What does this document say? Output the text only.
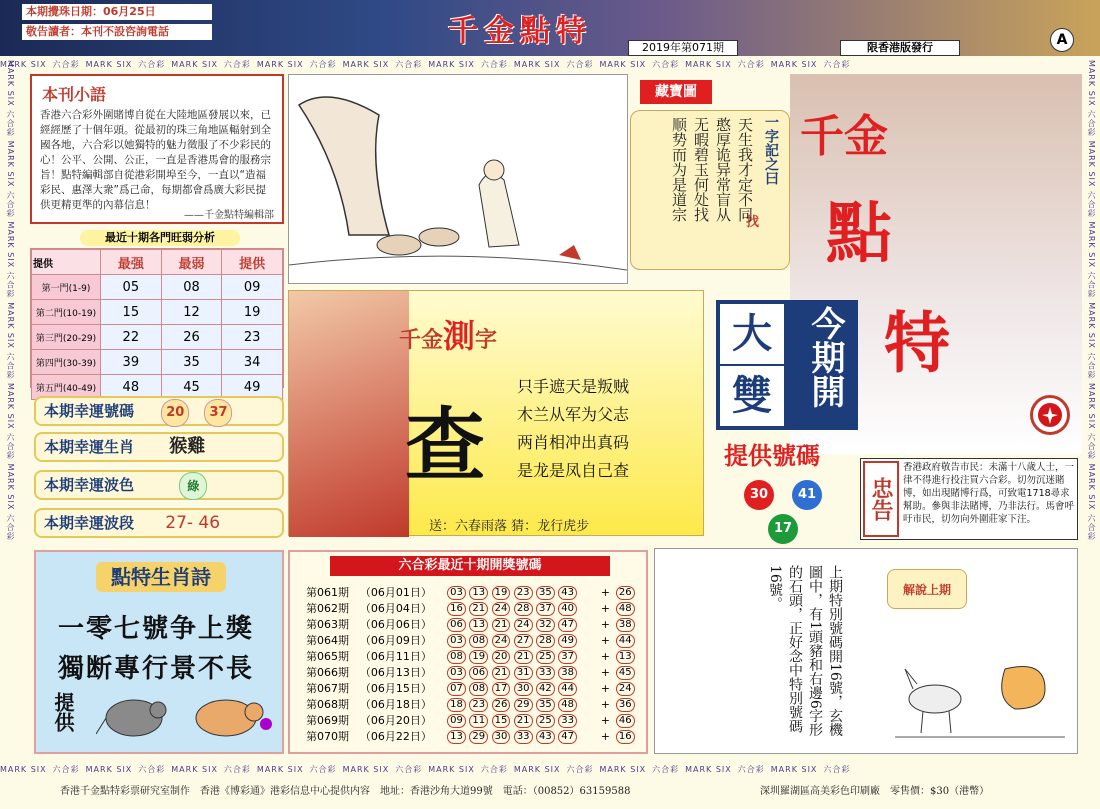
本期攪珠日期：06月25日
敬告讀者：本刊不設咨詢電話	千金點特	2019年第071期	限香港版發行	A
MARK SIX 六合彩 MARK SIX 六合彩 MARK SIX 六合彩 MARK SIX 六合彩 MARK SIX 六合彩 MARK SIX 六合彩 MARK SIX 六合彩 MARK SIX 六合彩 MARK SIX 六合彩 MARK SIX 六合彩
MARK SIX 六合彩 MARK SIX 六合彩 MARK SIX 六合彩 MARK SIX 六合彩 MARK SIX 六合彩 MARK SIX 六合彩 MARK SIX 六合彩 MARK SIX 六合彩 MARK SIX 六合彩 MARK SIX 六合彩
MARK SIX 六合彩 MARK SIX 六合彩 MARK SIX 六合彩 MARK SIX 六合彩 MARK SIX 六合彩 MARK SIX 六合彩
MARK SIX 六合彩 MARK SIX 六合彩 MARK SIX 六合彩 MARK SIX 六合彩 MARK SIX 六合彩 MARK SIX 六合彩
本刊小語
香港六合彩外圍賭博自從在大陸地區發展以來，已經經歷了十個年頭。從最初的珠三角地區輻射到全國各地，六合彩以她獨特的魅力徵服了不少彩民的心！公平、公開、公正，一直是香港馬會的服務宗旨！點特編輯部自從港彩開埠至今，一直以“造福彩民、惠澤大衆”爲己命，每期都會爲廣大彩民提供更精更準的內幕信息！
——千金點特編輯部
最近十期各門旺弱分析
提供	最强	最弱	提供
第一門(1-9)	05	08	09
第二門(10-19)	15	12	19
第三門(20-29)	22	26	23
第四門(30-39)	39	35	34
第五門(40-49)	48	45	49
本期幸運號碼 20 37
本期幸運生肖 猴雞
本期幸運波色	綠
本期幸運波段 27- 46
藏寶圖
一字記之曰
找
天生我才定不同
憨厚诡异常盲从
无暇碧玉何处找
顺势而为是道宗
千金測字
查
只手遮天是叛贼
木兰从军为父志
两肖相冲出真码
是龙是凤自己查
送：六春雨落 猜：龙行虎步
千金
點
特
大
雙 今期開
提供號碼
30	41
17
忠告
香港政府敬告市民：未滿十八歲人士，一律不得進行投注買六合彩。切勿沉迷賭博，如出現賭博行爲，可致電1718尋求幫助。參與非法賭博，乃非法行。馬會呼吁市民，切勿向外圍莊家下注。
點特生肖詩
一零七號争上獎
獨断專行景不長
提供
六合彩最近十期開獎號碼
第061期	（06月01日）	03 13 19 23 35 43	+	26
第062期	（06月04日）	16 21 24 28 37 40	+	48
第063期	（06月06日）	06 13 21 24 32 47	+	38
第064期	（06月09日）	03 08 24 27 28 49	+	44
第065期	（06月11日）	08 19 20 21 25 37	+	13
第066期	（06月13日）	03 06 21 31 33 38	+	45
第067期	（06月15日）	07 08 17 30 42 44	+	24
第068期	（06月18日）	18 23 26 29 35 48	+	36
第069期	（06月20日）	09 11 15 21 25 33	+	46
第070期	（06月22日）	13 29 30 33 43 47	+	16	上期特別號碼開16號，玄機圖中，有1頭豬和右邊6字形的石頭，正好念中特別號碼16號。	解說上期
香港千金點特彩票研究室制作　香港《博彩通》港彩信息中心提供内容　地址：香港沙角大道99號　電話：（00852）63159588	深圳羅湖區高美彩色印刷廠　零售價：$30（港幣）
